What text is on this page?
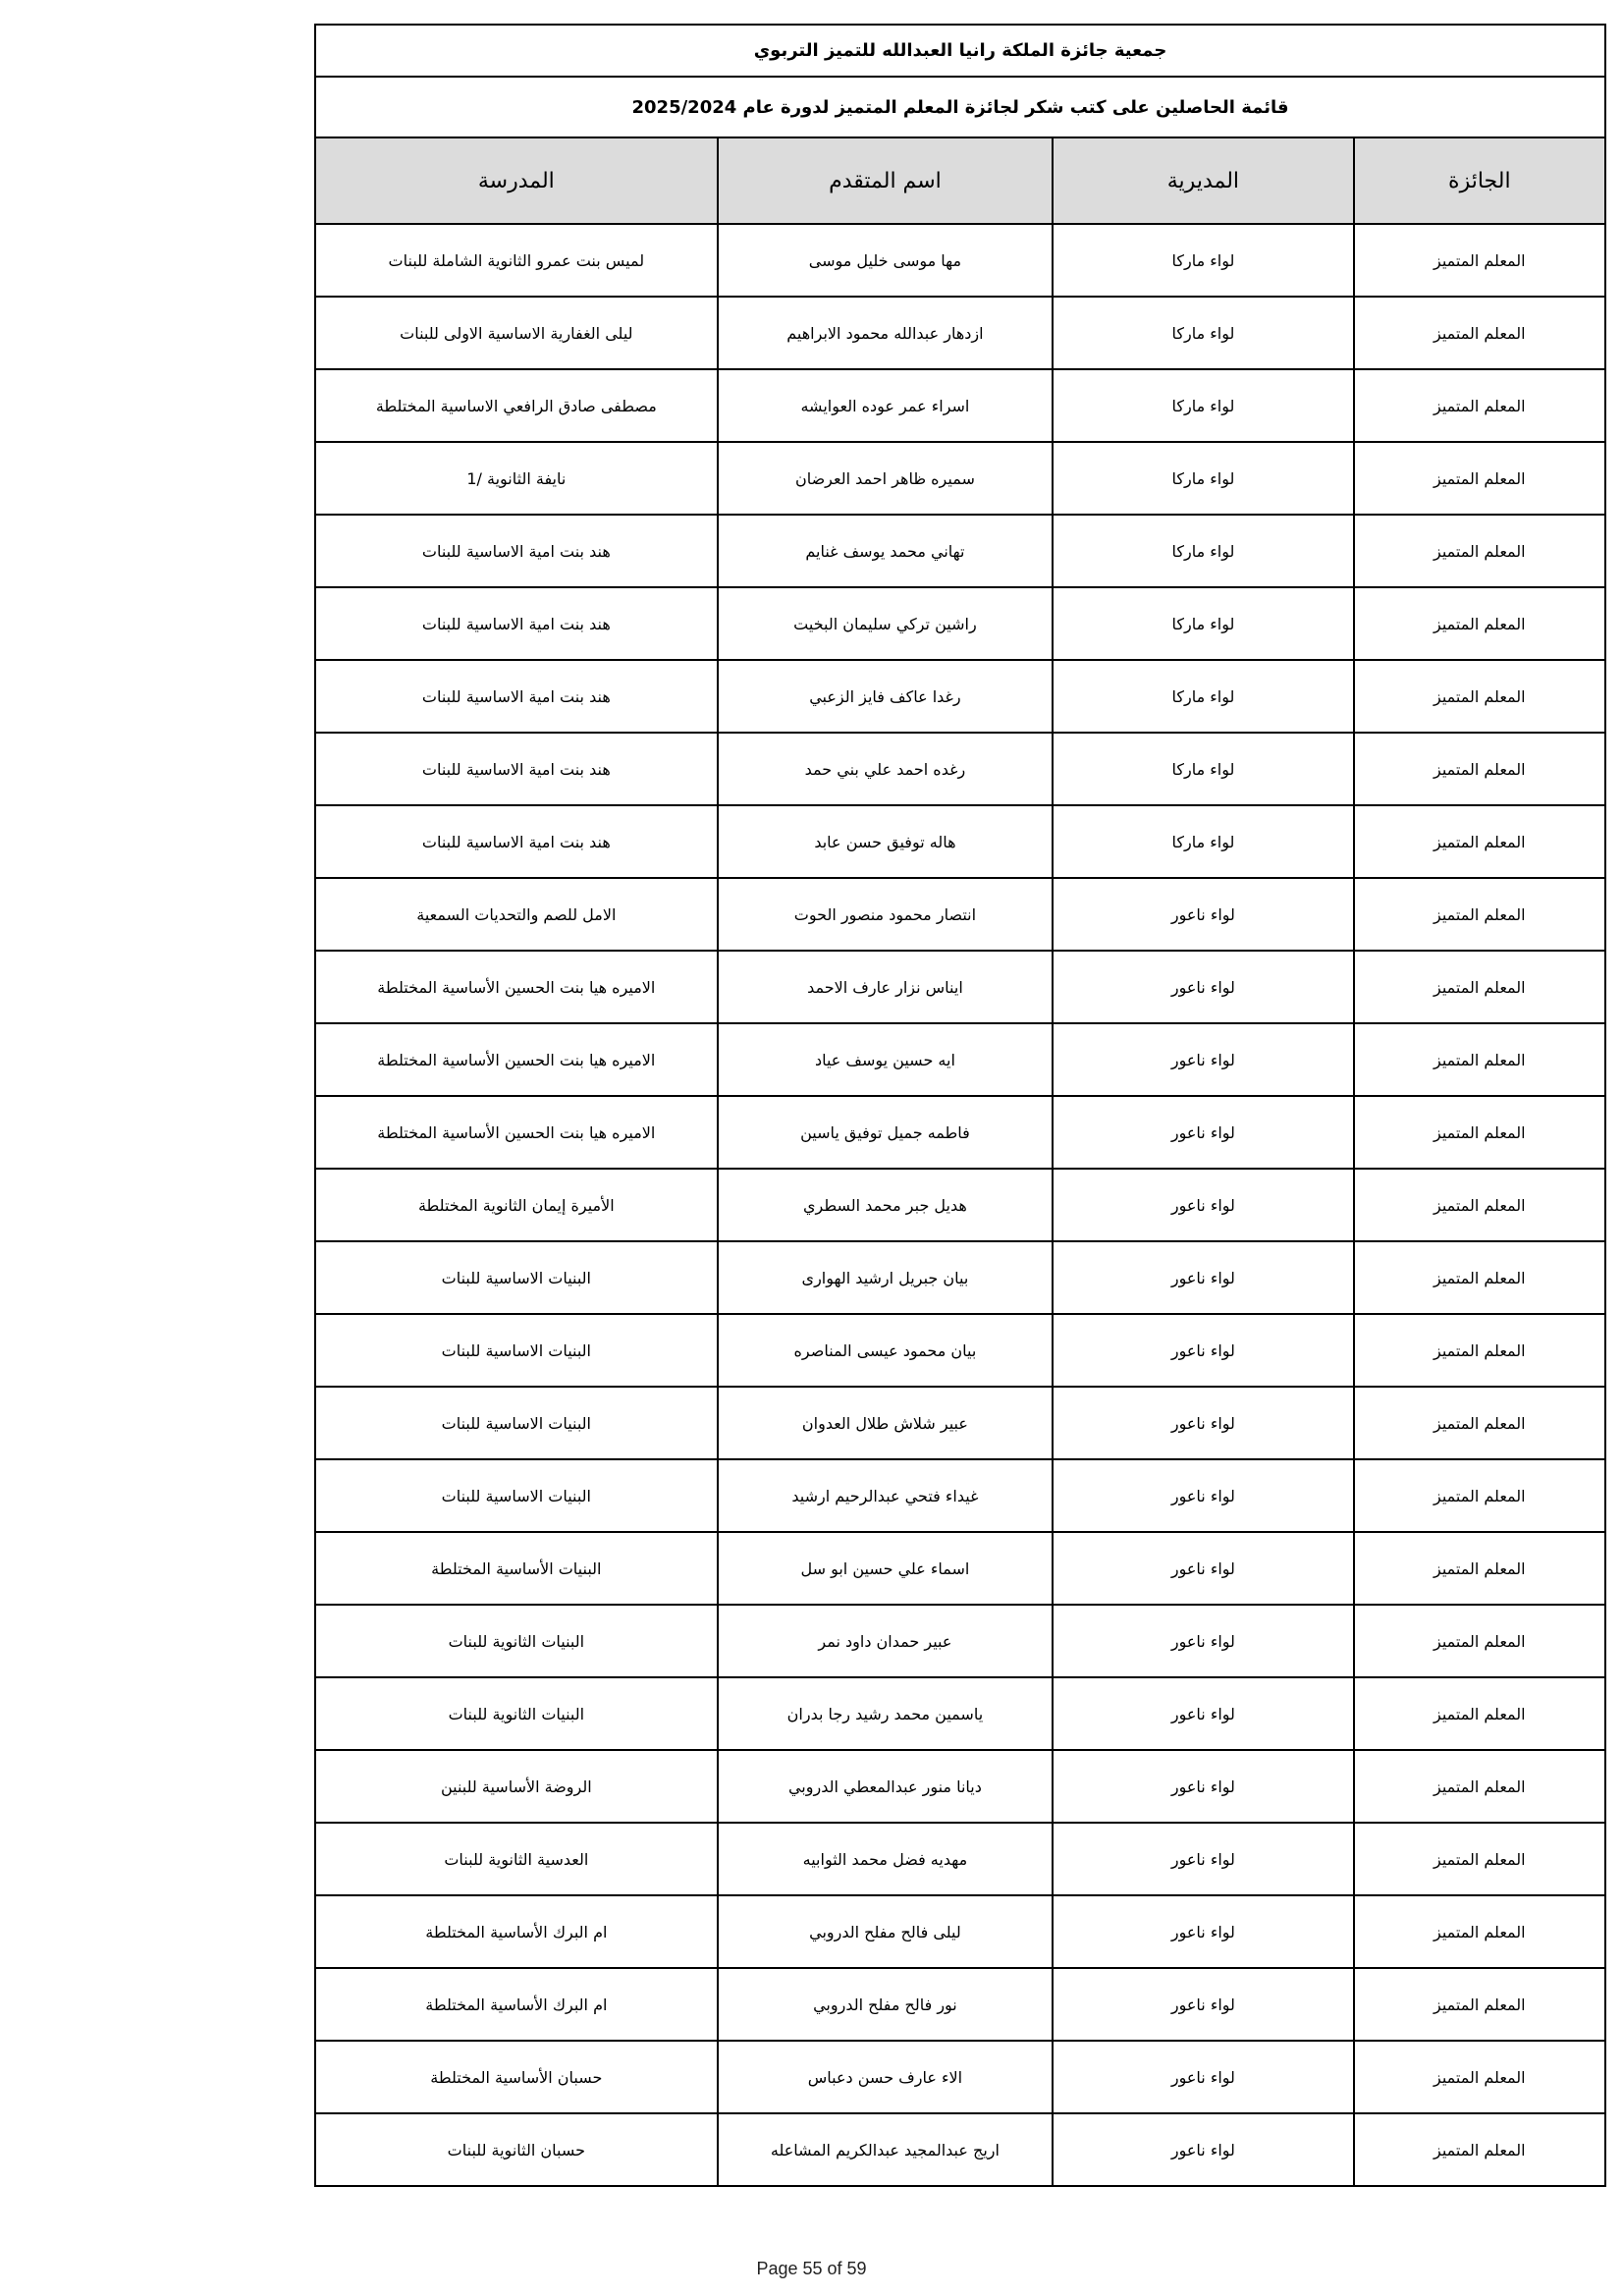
جمعية جائزة الملكة رانيا العبدالله للتميز التربوي			
قائمة الحاصلين على كتب شكر لجائزة المعلم المتميز لدورة عام 2025/2024			
الجائزة	المديرية	اسم المتقدم	المدرسة
المعلم المتميز	لواء ماركا	مها موسى خليل موسى	لميس بنت عمرو الثانوية الشاملة للبنات
المعلم المتميز	لواء ماركا	ازدهار عبدالله محمود الابراهيم	ليلى الغفارية الاساسية الاولى للبنات
المعلم المتميز	لواء ماركا	اسراء عمر عوده العوايشه	مصطفى صادق الرافعي الاساسية المختلطة
المعلم المتميز	لواء ماركا	سميره ظاهر احمد العرضان	نايفة الثانوية /1
المعلم المتميز	لواء ماركا	تهاني محمد يوسف غنايم	هند بنت امية الاساسية للبنات
المعلم المتميز	لواء ماركا	راشين تركي سليمان البخيت	هند بنت امية الاساسية للبنات
المعلم المتميز	لواء ماركا	رغدا عاكف فايز الزعبي	هند بنت امية الاساسية للبنات
المعلم المتميز	لواء ماركا	رغده احمد علي بني حمد	هند بنت امية الاساسية للبنات
المعلم المتميز	لواء ماركا	هاله توفيق حسن عابد	هند بنت امية الاساسية للبنات
المعلم المتميز	لواء ناعور	انتصار محمود منصور الحوت	الامل للصم والتحديات السمعية
المعلم المتميز	لواء ناعور	ايناس نزار عارف الاحمد	الاميره هيا بنت الحسين الأساسية المختلطة
المعلم المتميز	لواء ناعور	ايه حسين يوسف عياد	الاميره هيا بنت الحسين الأساسية المختلطة
المعلم المتميز	لواء ناعور	فاطمه جميل توفيق ياسين	الاميره هيا بنت الحسين الأساسية المختلطة
المعلم المتميز	لواء ناعور	هديل جبر محمد السطري	الأميرة إيمان الثانوية المختلطة
المعلم المتميز	لواء ناعور	بيان جبريل ارشيد الهوارى	البنيات الاساسية للبنات
المعلم المتميز	لواء ناعور	بيان محمود عيسى المناصره	البنيات الاساسية للبنات
المعلم المتميز	لواء ناعور	عبير شلاش طلال العدوان	البنيات الاساسية للبنات
المعلم المتميز	لواء ناعور	غيداء فتحي عبدالرحيم ارشيد	البنيات الاساسية للبنات
المعلم المتميز	لواء ناعور	اسماء علي حسين ابو سل	البنيات الأساسية المختلطة
المعلم المتميز	لواء ناعور	عبير حمدان داود نمر	البنيات الثانوية للبنات
المعلم المتميز	لواء ناعور	ياسمين محمد رشيد رجا بدران	البنيات الثانوية للبنات
المعلم المتميز	لواء ناعور	ديانا منور عبدالمعطي الدروبي	الروضة الأساسية للبنين
المعلم المتميز	لواء ناعور	مهديه فضل محمد الثوابيه	العدسية الثانوية للبنات
المعلم المتميز	لواء ناعور	ليلى فالح مفلح الدروبي	ام البرك الأساسية المختلطة
المعلم المتميز	لواء ناعور	نور فالح مفلح الدروبي	ام البرك الأساسية المختلطة
المعلم المتميز	لواء ناعور	الاء عارف حسن دعباس	حسبان الأساسية المختلطة
المعلم المتميز	لواء ناعور	اريج عبدالمجيد عبدالكريم المشاعله	حسبان الثانوية للبنات
Page 55 of 59
